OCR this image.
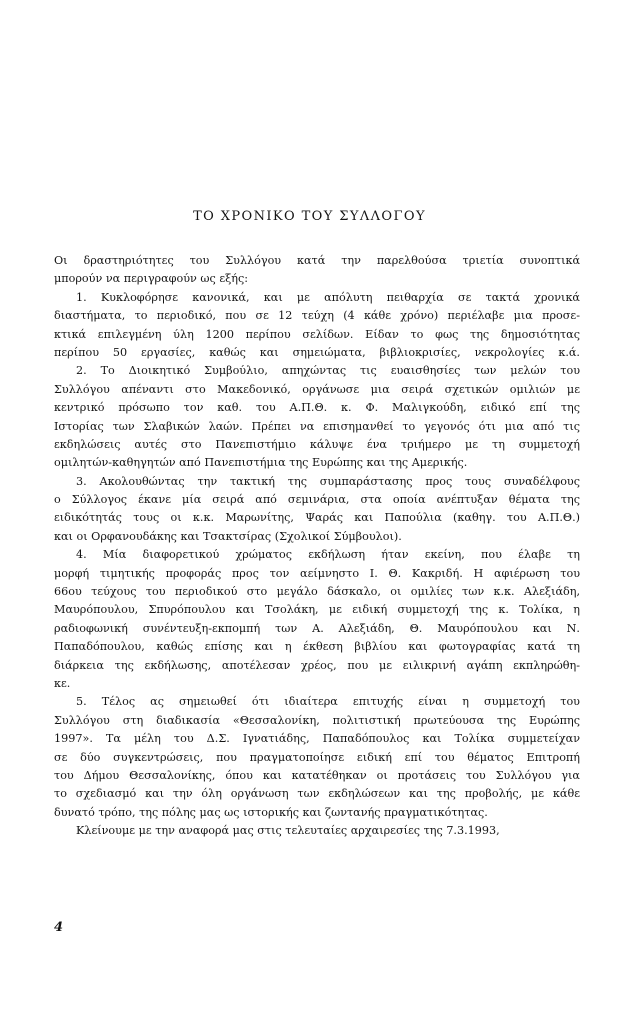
ΤΟ ΧΡΟΝΙΚΟ ΤΟΥ ΣΥΛΛΟΓΟΥ
Οι δραστηριότητες του Συλλόγου κατά την παρελθούσα τριετία συνοπτικά
μπορούν να περιγραφούν ως εξής:
1. Κυκλοφόρησε κανονικά, και με απόλυτη πειθαρχία σε τακτά χρονικά
διαστήματα, το περιοδικό, που σε 12 τεύχη (4 κάθε χρόνο) περιέλαβε μια προσε-
κτικά επιλεγμένη ύλη 1200 περίπου σελίδων. Είδαν το φως της δημοσιότητας
περίπου 50 εργασίες, καθώς και σημειώματα, βιβλιοκρισίες, νεκρολογίες κ.ά.
2. Το Διοικητικό Συμβούλιο, απηχώντας τις ευαισθησίες των μελών του
Συλλόγου απέναντι στο Μακεδονικό, οργάνωσε μια σειρά σχετικών ομιλιών με
κεντρικό πρόσωπο τον καθ. του Α.Π.Θ. κ. Φ. Μαλιγκούδη, ειδικό επί της
Ιστορίας των Σλαβικών λαών. Πρέπει να επισημανθεί το γεγονός ότι μια από τις
εκδηλώσεις αυτές στο Πανεπιστήμιο κάλυψε ένα τριήμερο με τη συμμετοχή
ομιλητών-καθηγητών από Πανεπιστήμια της Ευρώπης και της Αμερικής.
3. Ακολουθώντας την τακτική της συμπαράστασης προς τους συναδέλφους
ο Σύλλογος έκανε μία σειρά από σεμινάρια, στα οποία ανέπτυξαν θέματα της
ειδικότητάς τους οι κ.κ. Μαρωνίτης, Ψαράς και Παπούλια (καθηγ. του Α.Π.Θ.)
και οι Ορφανουδάκης και Τσακτσίρας (Σχολικοί Σύμβουλοι).
4. Μία διαφορετικού χρώματος εκδήλωση ήταν εκείνη, που έλαβε τη
μορφή τιμητικής προφοράς προς τον αείμνηστο Ι. Θ. Κακριδή. Η αφιέρωση του
66ου τεύχους του περιοδικού στο μεγάλο δάσκαλο, οι ομιλίες των κ.κ. Αλεξιάδη,
Μαυρόπουλου, Σπυρόπουλου και Τσολάκη, με ειδική συμμετοχή της κ. Τολίκα, η
ραδιοφωνική συνέντευξη-εκπομπή των Α. Αλεξιάδη, Θ. Μαυρόπουλου και Ν.
Παπαδόπουλου, καθώς επίσης και η έκθεση βιβλίου και φωτογραφίας κατά τη
διάρκεια της εκδήλωσης, αποτέλεσαν χρέος, που με ειλικρινή αγάπη εκπληρώθη-
κε.
5. Τέλος ας σημειωθεί ότι ιδιαίτερα επιτυχής είναι η συμμετοχή του
Συλλόγου στη διαδικασία «Θεσσαλονίκη, πολιτιστική πρωτεύουσα της Ευρώπης
1997». Τα μέλη του Δ.Σ. Ιγνατιάδης, Παπαδόπουλος και Τολίκα συμμετείχαν
σε δύο συγκεντρώσεις, που πραγματοποίησε ειδική επί του θέματος Επιτροπή
του Δήμου Θεσσαλονίκης, όπου και κατατέθηκαν οι προτάσεις του Συλλόγου για
το σχεδιασμό και την όλη οργάνωση των εκδηλώσεων και της προβολής, με κάθε
δυνατό τρόπο, της πόλης μας ως ιστορικής και ζωντανής πραγματικότητας.
Κλείνουμε με την αναφορά μας στις τελευταίες αρχαιρεσίες της 7.3.1993,
4
